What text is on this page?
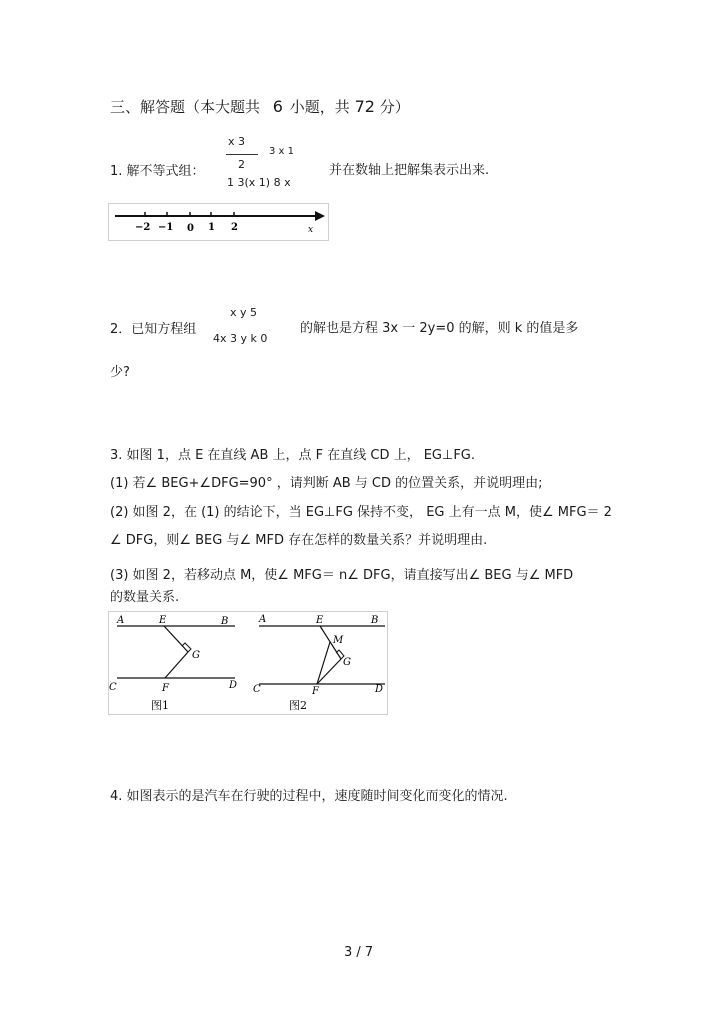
三、解答题（本大题共 6 小题，共 72 分）
1. 解不等式组：
x 3
2
3 x 1
1 3(x 1) 8 x
并在数轴上把解集表示出来.
−2 −1 0 1 2	x
x y 5
2．已知方程组
4x 3 y k 0
的解也是方程 3x 一 2y=0 的解，则 k 的值是多
少?
3. 如图 1，点 E 在直线 AB 上，点 F 在直线 CD 上， EG⊥FG.
(1) 若∠ BEG+∠DFG=90° ，请判断 AB 与 CD 的位置关系，并说明理由;
(2) 如图 2，在 (1) 的结论下，当 EG⊥FG 保持不变， EG 上有一点 M，使∠ MFG＝ 2
∠ DFG，则∠ BEG 与∠ MFD 存在怎样的数量关系？并说明理由.
(3) 如图 2，若移动点 M，使∠ MFG＝ n∠ DFG，请直接写出∠ BEG 与∠ MFD
的数量关系.
A	E	B
G
C	F	D
图1
A	E	B
M
G
C	F	D
图2
4. 如图表示的是汽车在行驶的过程中，速度随时间变化而变化的情况.
3 / 7
